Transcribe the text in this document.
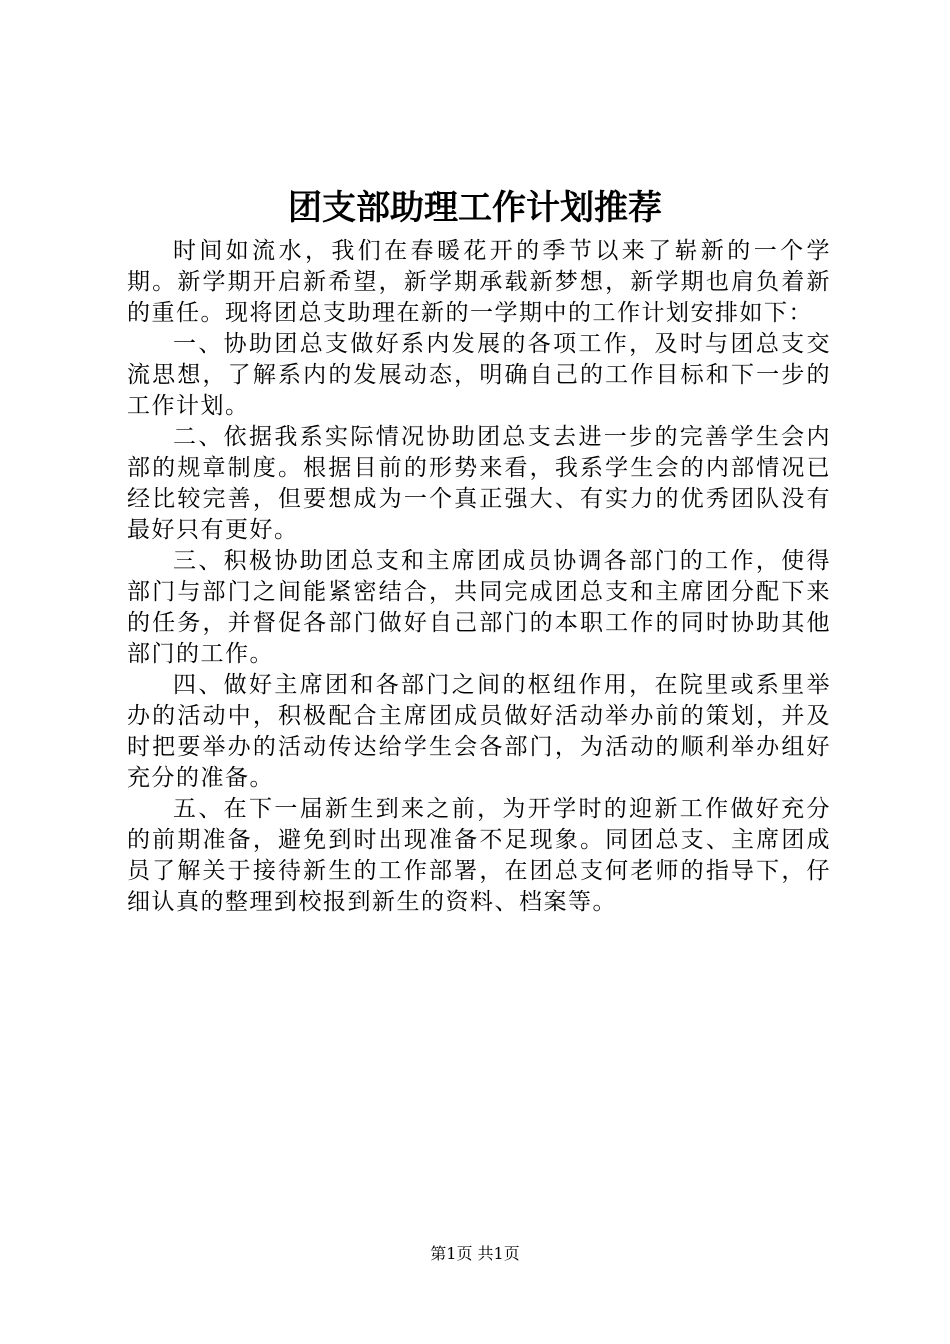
团支部助理工作计划推荐

时间如流水，我们在春暖花开的季节以来了崭新的一个学期。新学期开启新希望，新学期承载新梦想，新学期也肩负着新的重任。现将团总支助理在新的一学期中的工作计划安排如下：

一、协助团总支做好系内发展的各项工作，及时与团总支交流思想，了解系内的发展动态，明确自己的工作目标和下一步的工作计划。

二、依据我系实际情况协助团总支去进一步的完善学生会内部的规章制度。根据目前的形势来看，我系学生会的内部情况已经比较完善，但要想成为一个真正强大、有实力的优秀团队没有最好只有更好。

三、积极协助团总支和主席团成员协调各部门的工作，使得部门与部门之间能紧密结合，共同完成团总支和主席团分配下来的任务，并督促各部门做好自己部门的本职工作的同时协助其他部门的工作。

四、做好主席团和各部门之间的枢纽作用，在院里或系里举办的活动中，积极配合主席团成员做好活动举办前的策划，并及时把要举办的活动传达给学生会各部门，为活动的顺利举办组好充分的准备。

五、在下一届新生到来之前，为开学时的迎新工作做好充分的前期准备，避免到时出现准备不足现象。同团总支、主席团成员了解关于接待新生的工作部署，在团总支何老师的指导下，仔细认真的整理到校报到新生的资料、档案等。

第1页 共1页
